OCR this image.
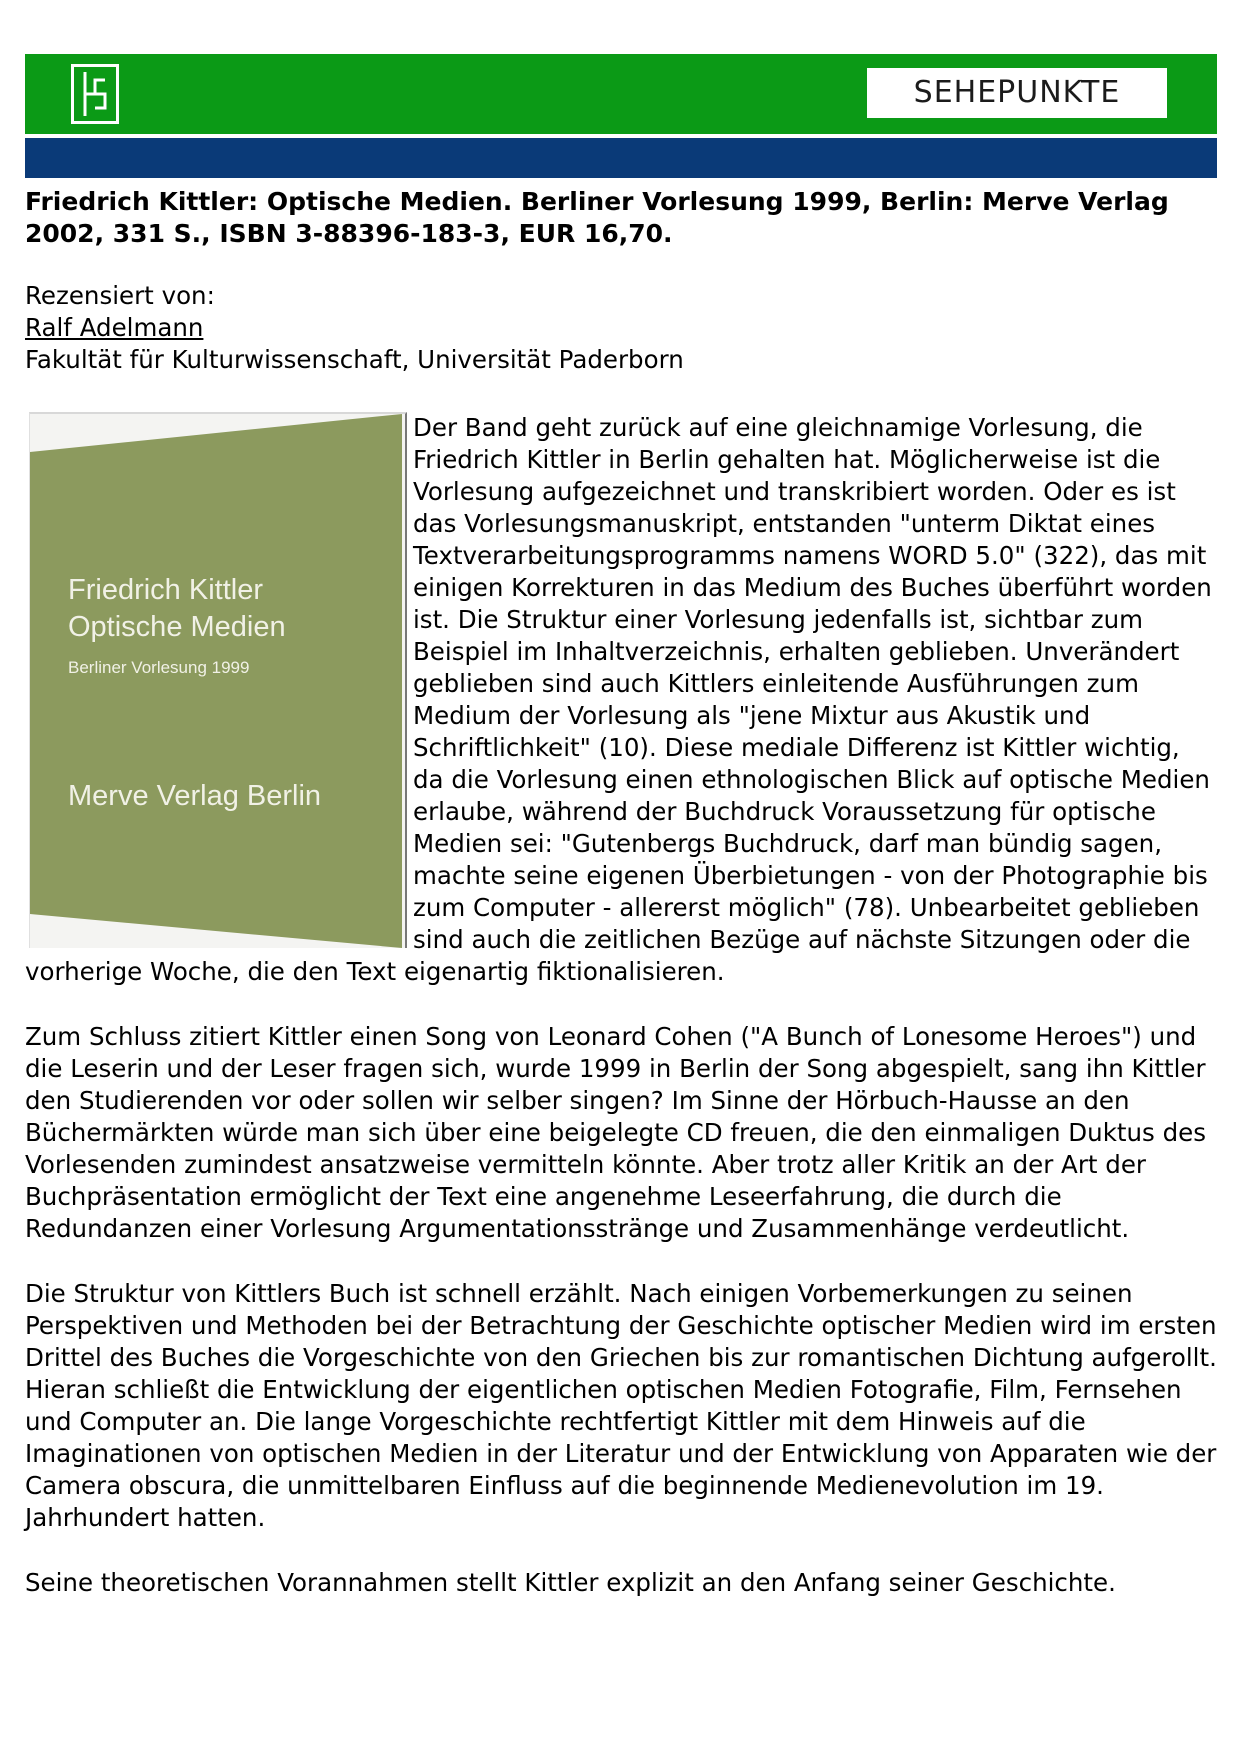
SEHEPUNKTE
Friedrich Kittler: Optische Medien. Berliner Vorlesung 1999, Berlin: Merve Verlag 2002, 331 S., ISBN 3-88396-183-3, EUR 16,70.
Rezensiert von:
Ralf Adelmann
Fakultät für Kulturwissenschaft, Universität Paderborn
Friedrich Kittler
Optische Medien
Berliner Vorlesung 1999
Merve Verlag Berlin

Der Band geht zurück auf eine gleichnamige Vorlesung, die Friedrich Kittler in Berlin gehalten hat. Möglicherweise ist die Vorlesung aufgezeichnet und transkribiert worden. Oder es ist das Vorlesungsmanuskript, entstanden "unterm Diktat eines Textverarbeitungsprogramms namens WORD 5.0" (322), das mit einigen Korrekturen in das Medium des Buches überführt worden ist. Die Struktur einer Vorlesung jedenfalls ist, sichtbar zum Beispiel im Inhaltverzeichnis, erhalten geblieben. Unverändert geblieben sind auch Kittlers einleitende Ausführungen zum Medium der Vorlesung als "jene Mixtur aus Akustik und Schriftlichkeit" (10). Diese mediale Differenz ist Kittler wichtig, da die Vorlesung einen ethnologischen Blick auf optische Medien erlaube, während der Buchdruck Voraussetzung für optische Medien sei: "Gutenbergs Buchdruck, darf man bündig sagen, machte seine eigenen Überbietungen - von der Photographie bis zum Computer - allererst möglich" (78). Unbearbeitet geblieben sind auch die zeitlichen Bezüge auf nächste Sitzungen oder die vorherige Woche, die den Text eigenartig fiktionalisieren.

Zum Schluss zitiert Kittler einen Song von Leonard Cohen ("A Bunch of Lonesome Heroes") und die Leserin und der Leser fragen sich, wurde 1999 in Berlin der Song abgespielt, sang ihn Kittler den Studierenden vor oder sollen wir selber singen? Im Sinne der Hörbuch-Hausse an den Büchermärkten würde man sich über eine beigelegte CD freuen, die den einmaligen Duktus des Vorlesenden zumindest ansatzweise vermitteln könnte. Aber trotz aller Kritik an der Art der Buchpräsentation ermöglicht der Text eine angenehme Leseerfahrung, die durch die Redundanzen einer Vorlesung Argumentationsstränge und Zusammenhänge verdeutlicht.

Die Struktur von Kittlers Buch ist schnell erzählt. Nach einigen Vorbemerkungen zu seinen Perspektiven und Methoden bei der Betrachtung der Geschichte optischer Medien wird im ersten Drittel des Buches die Vorgeschichte von den Griechen bis zur romantischen Dichtung aufgerollt. Hieran schließt die Entwicklung der eigentlichen optischen Medien Fotografie, Film, Fernsehen und Computer an. Die lange Vorgeschichte rechtfertigt Kittler mit dem Hinweis auf die Imaginationen von optischen Medien in der Literatur und der Entwicklung von Apparaten wie der Camera obscura, die unmittelbaren Einfluss auf die beginnende Medienevolution im 19. Jahrhundert hatten.

Seine theoretischen Vorannahmen stellt Kittler explizit an den Anfang seiner Geschichte.
